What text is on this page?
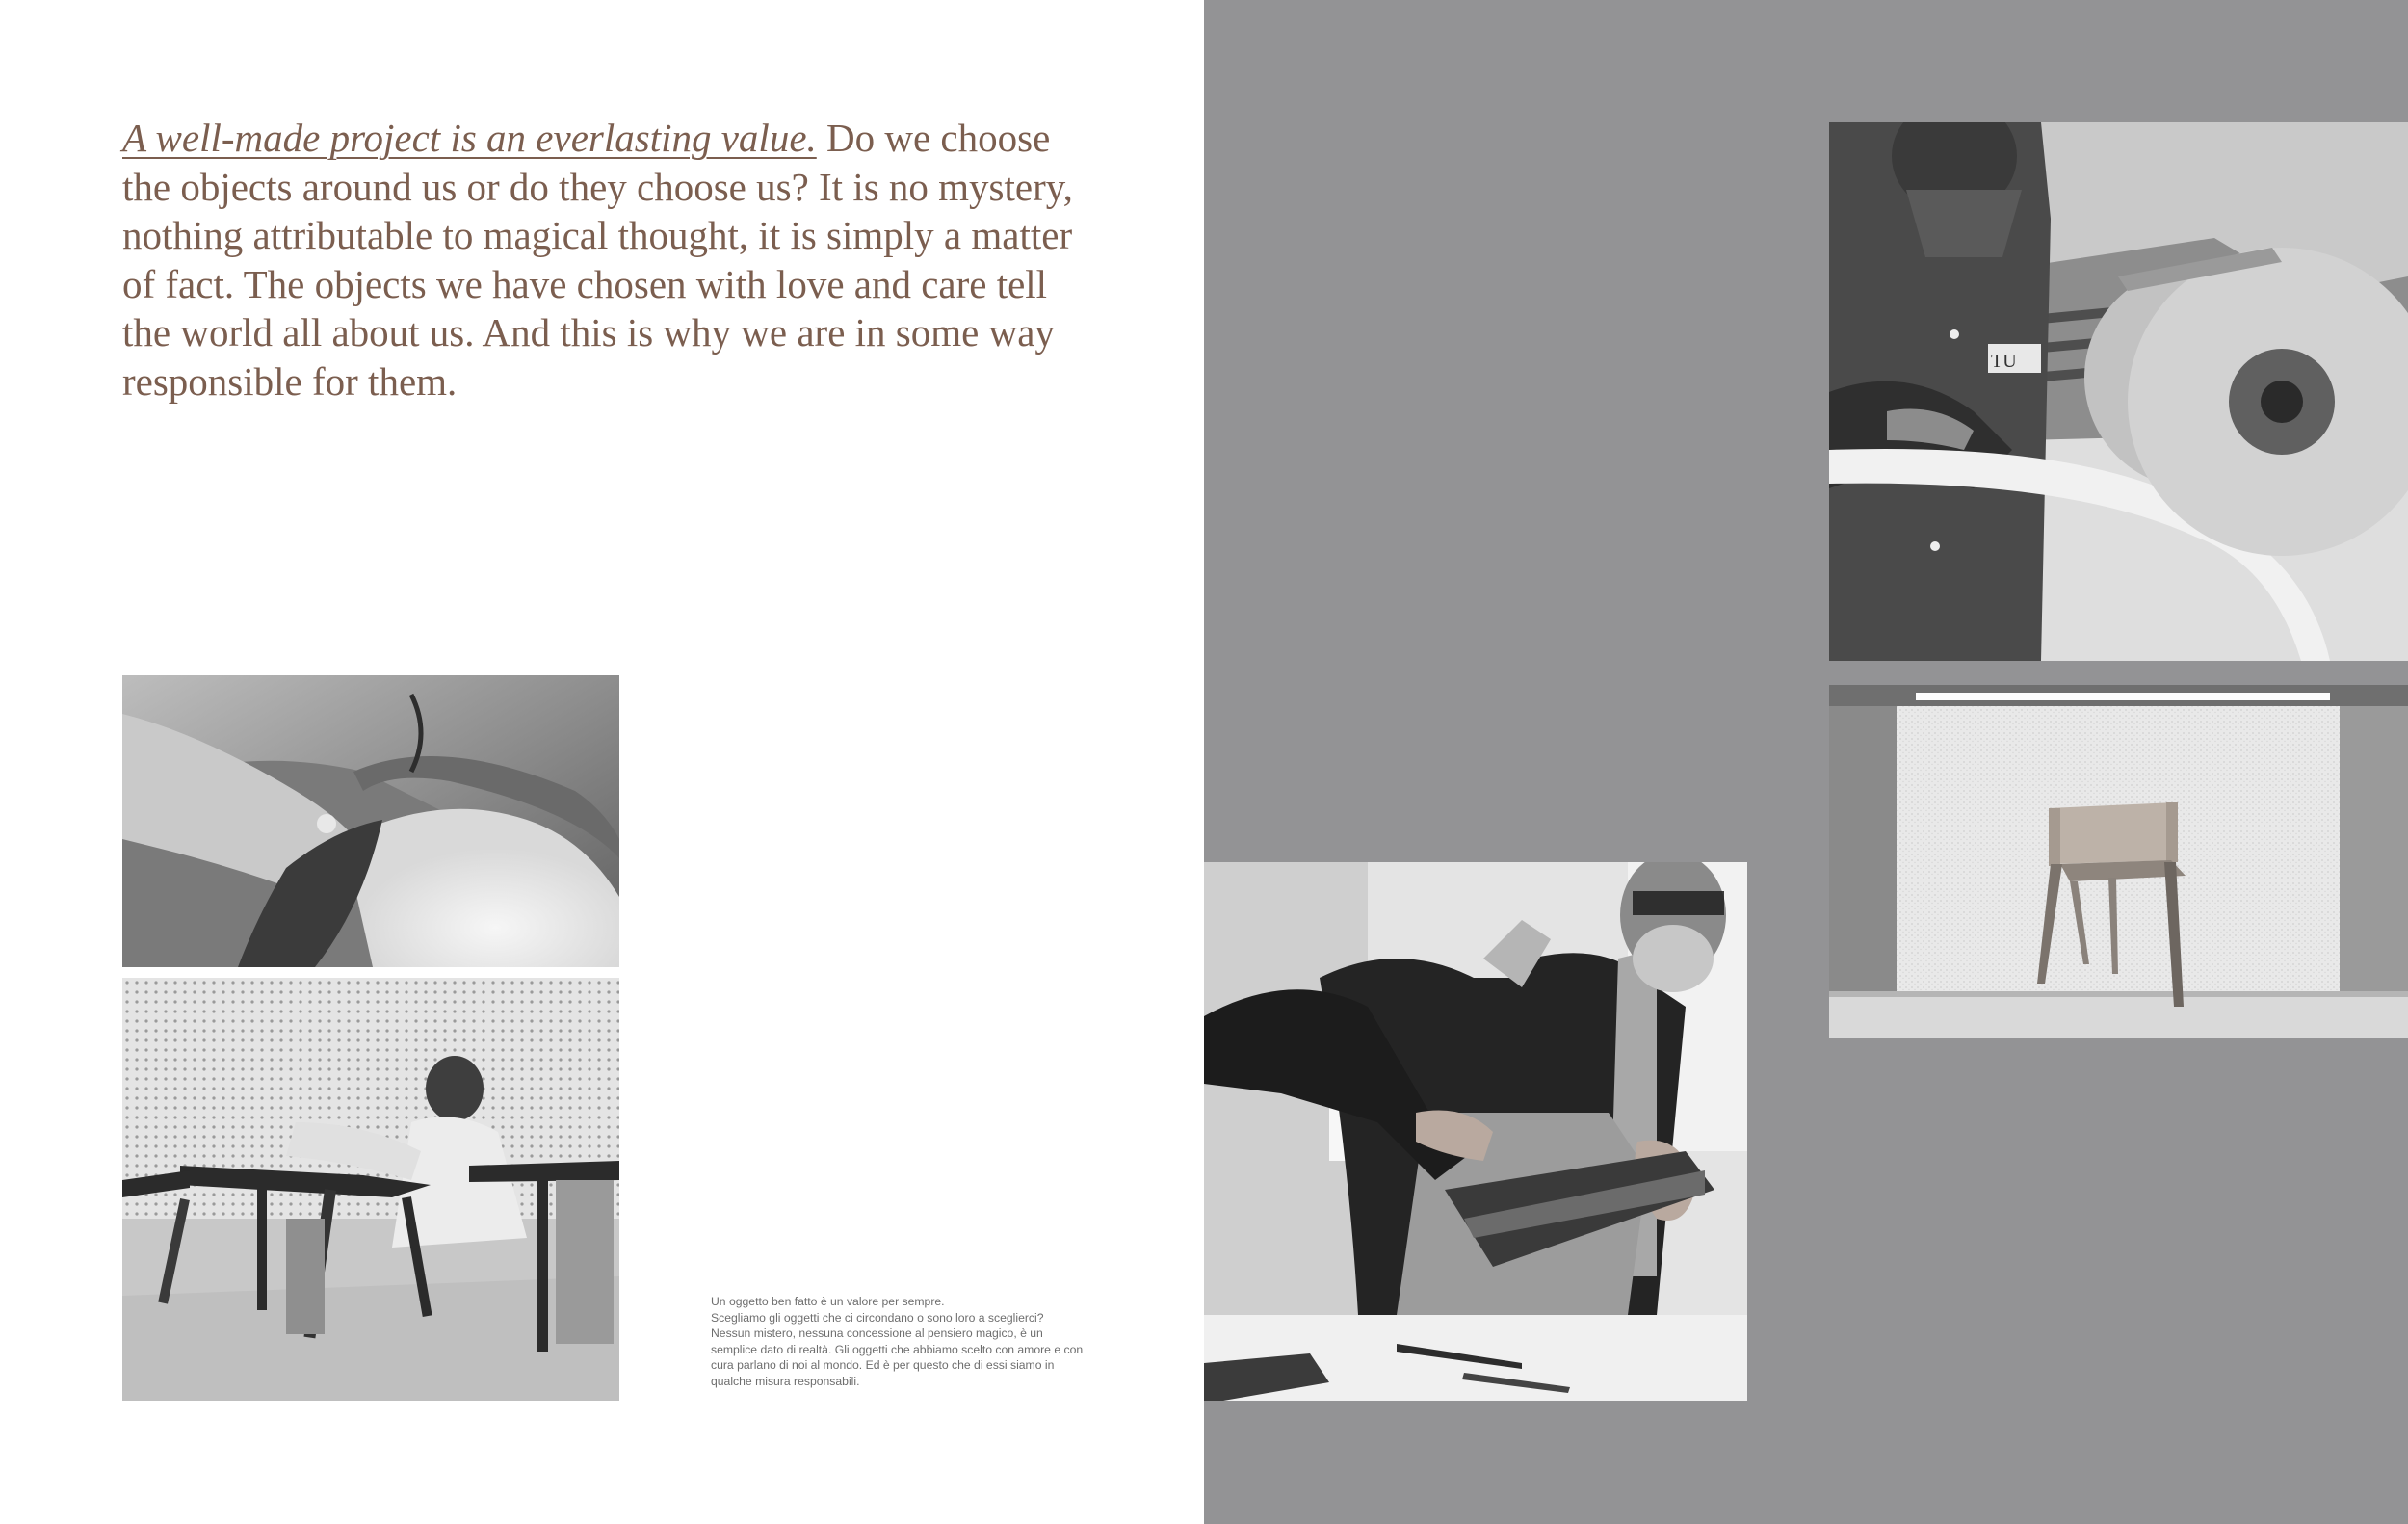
A well-made project is an everlasting value. Do we choose the objects around us or do they choose us? It is no mystery, nothing attributable to magical thought, it is simply a matter of fact. The objects we have chosen with love and care tell the world all about us. And this is why we are in some way responsible for them.

Un oggetto ben fatto è un valore per sempre.
Scegliamo gli oggetti che ci circondano o sono loro a sceglierci? Nessun mistero, nessuna concessione al pensiero magico, è un semplice dato di realtà. Gli oggetti che abbiamo scelto con amore e con cura parlano di noi al mondo. Ed è per questo che di essi siamo in qualche misura responsabili.
TU
